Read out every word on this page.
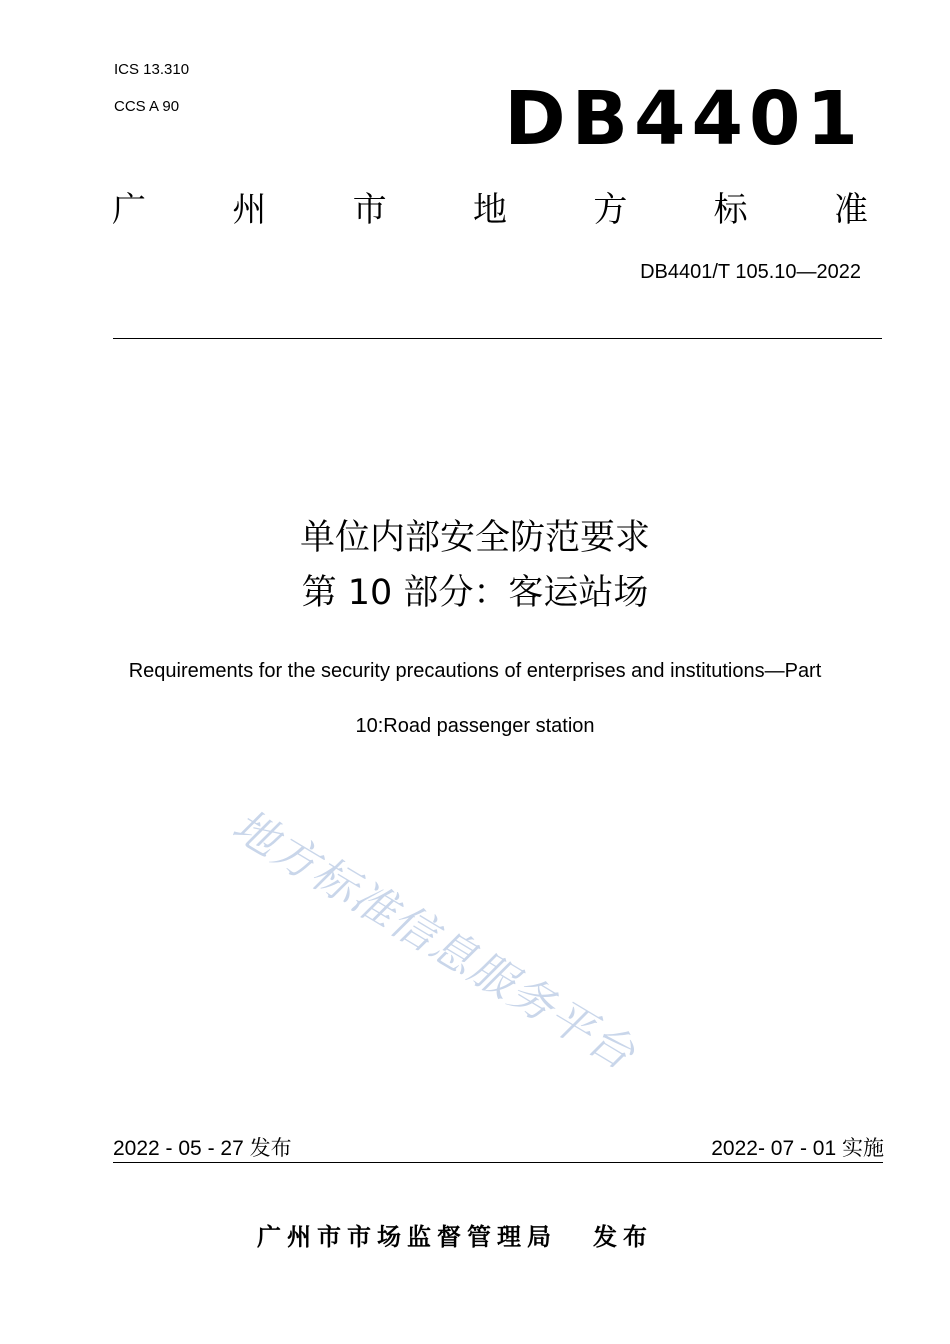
ICS 13.310
CCS A 90	DB4401
广	州	市	地	方	标	准
DB4401/T 105.10—2022
单位内部安全防范要求
第 10 部分：客运站场
Requirements for the security precautions of enterprises and institutions—Part
10:Road passenger station
地方标准信息服务平台
2022 - 05 - 27 发布	2022- 07 - 01 实施
广州市市场监督管理局 发布
